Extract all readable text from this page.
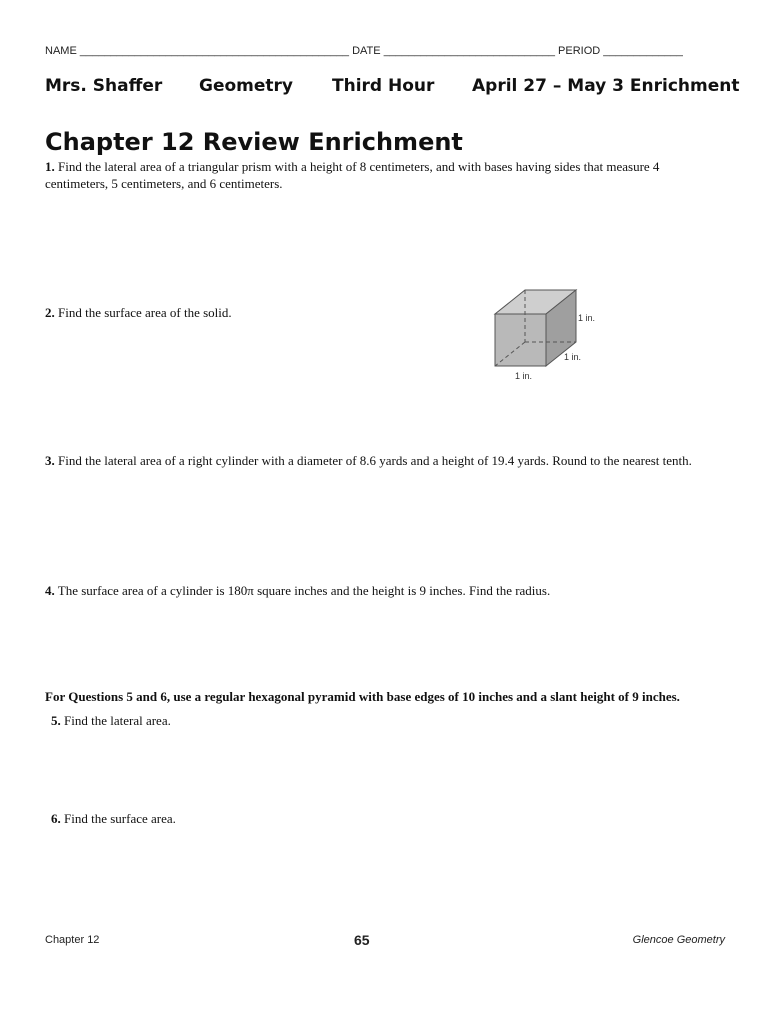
NAME ____________________________________________ DATE ____________________________ PERIOD _____________
Mrs. Shaffer Geometry Third Hour April 27 – May 3 Enrichment
Chapter 12 Review Enrichment
1. Find the lateral area of a triangular prism with a height of 8 centimeters, and with bases having sides that measure 4 centimeters, 5 centimeters, and 6 centimeters.
2. Find the surface area of the solid.	1 in.
1 in.
1 in.
3. Find the lateral area of a right cylinder with a diameter of 8.6 yards and a height of 19.4 yards. Round to the nearest tenth.
4. The surface area of a cylinder is 180π square inches and the height is 9 inches. Find the radius.
For Questions 5 and 6, use a regular hexagonal pyramid with base edges of 10 inches and a slant height of 9 inches.
5. Find the lateral area.
6. Find the surface area.
Chapter 12	65	Glencoe Geometry
